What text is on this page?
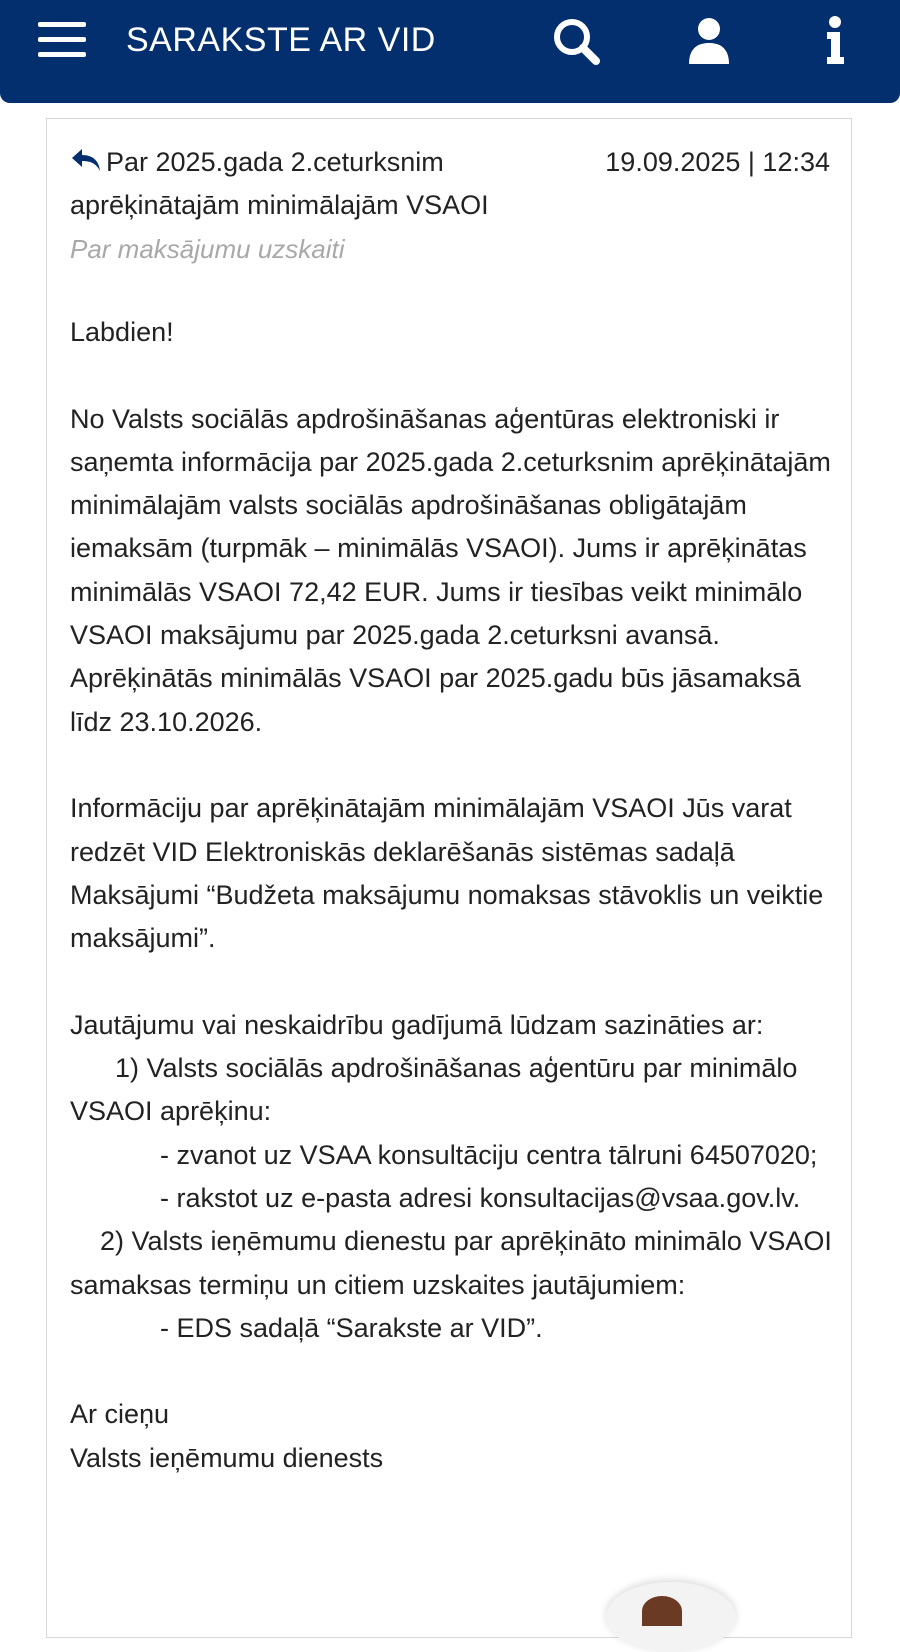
SARAKSTE AR VID
Par 2025.gada 2.ceturksnim aprēķinātajām minimālajām VSAOI
19.09.2025 | 12:34
Par maksājumu uzskaiti
Labdien!

No Valsts sociālās apdrošināšanas aģentūras elektroniski ir saņemta informācija par 2025.gada 2.ceturksnim aprēķinātajām minimālajām valsts sociālās apdrošināšanas obligātajām iemaksām (turpmāk – minimālās VSAOI). Jums ir aprēķinātas minimālās VSAOI 72,42 EUR. Jums ir tiesības veikt minimālo VSAOI maksājumu par 2025.gada 2.ceturksni avansā. Aprēķinātās minimālās VSAOI par 2025.gadu būs jāsamaksā līdz 23.10.2026.

Informāciju par aprēķinātajām minimālajām VSAOI Jūs varat redzēt VID Elektroniskās deklarēšanās sistēmas sadaļā Maksājumi “Budžeta maksājumu nomaksas stāvoklis un veiktie maksājumi”.

Jautājumu vai neskaidrību gadījumā lūdzam sazināties ar:
1) Valsts sociālās apdrošināšanas aģentūru par minimālo VSAOI aprēķinu:
- zvanot uz VSAA konsultāciju centra tālruni 64507020;
- rakstot uz e-pasta adresi konsultacijas@vsaa.gov.lv.
2) Valsts ieņēmumu dienestu par aprēķināto minimālo VSAOI samaksas termiņu un citiem uzskaites jautājumiem:
- EDS sadaļā “Sarakste ar VID”.

Ar cieņu
Valsts ieņēmumu dienests
